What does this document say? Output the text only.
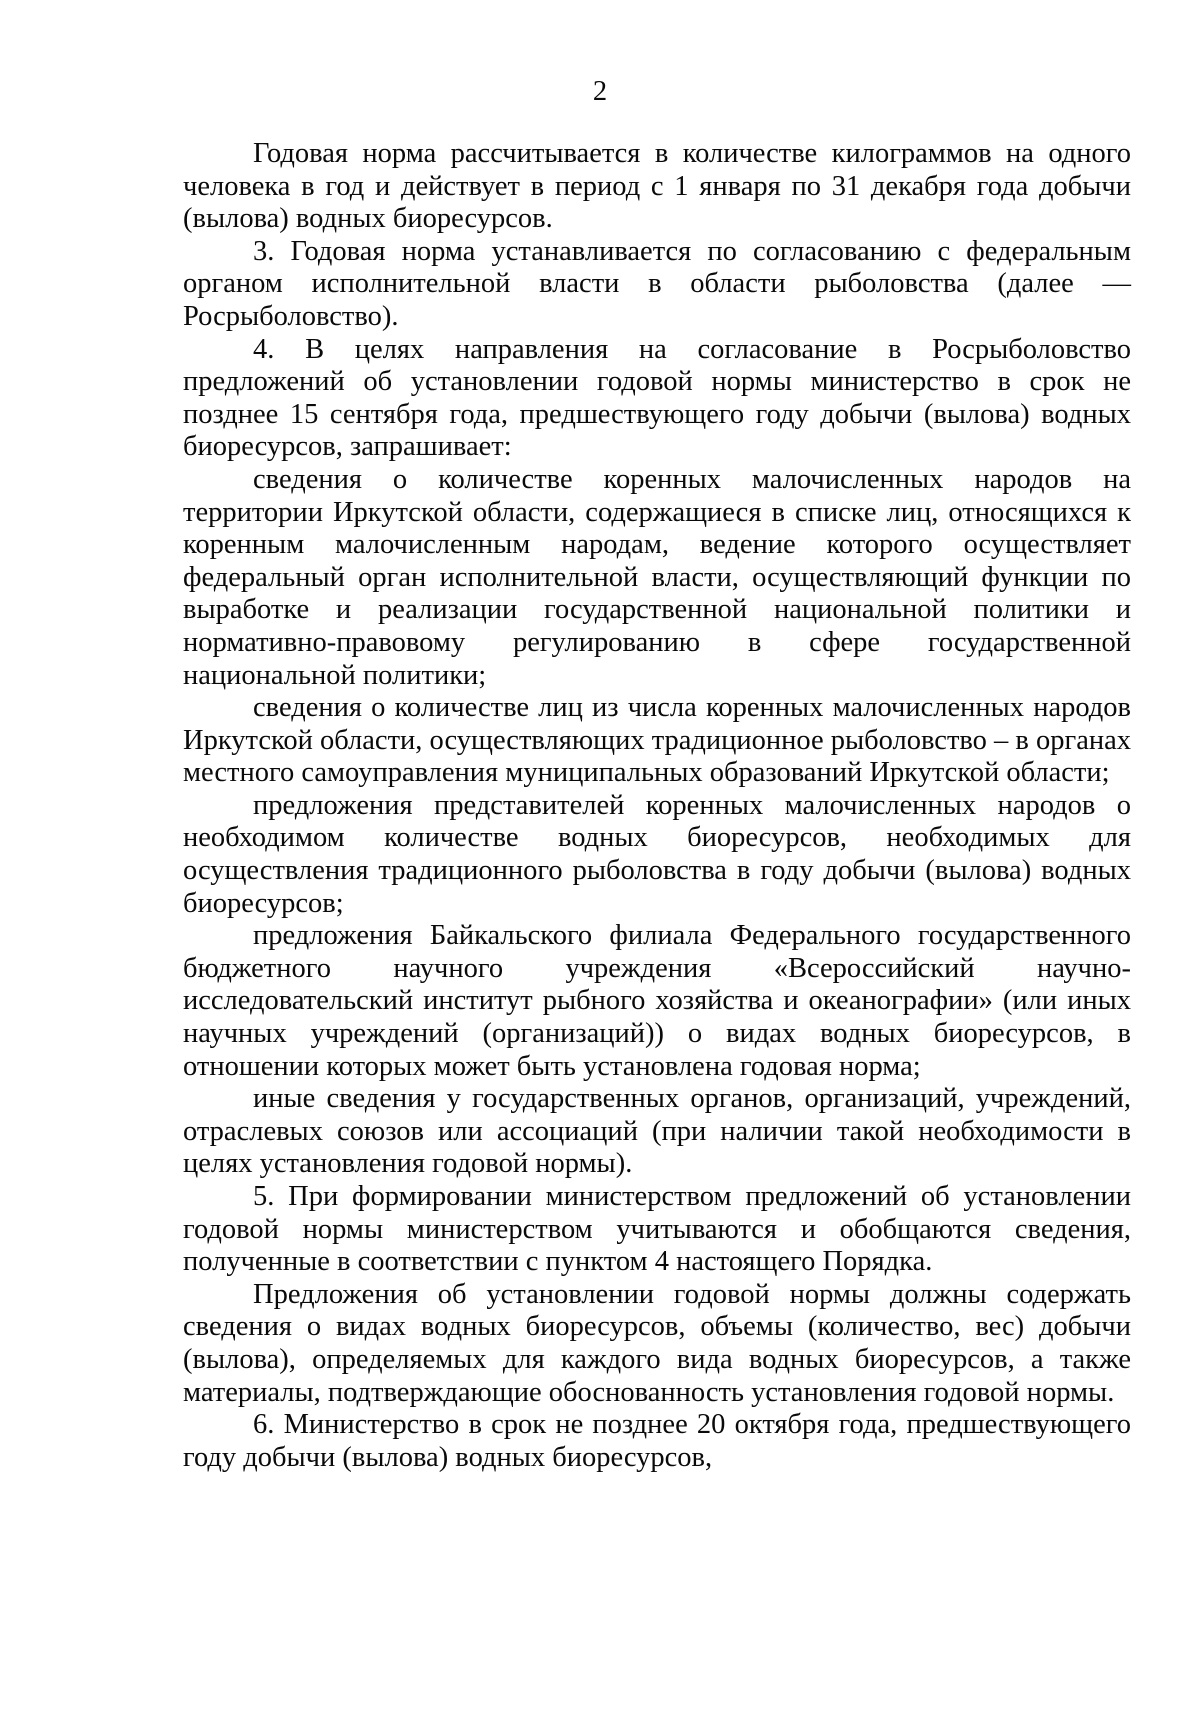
2

Годовая норма рассчитывается в количестве килограммов на одного человека в год и действует в период с 1 января по 31 декабря года добычи (вылова) водных биоресурсов.

3. Годовая норма устанавливается по согласованию с федеральным органом исполнительной власти в области рыболовства (далее — Росрыболовство).

4. В целях направления на согласование в Росрыболовство предложений об установлении годовой нормы министерство в срок не позднее 15 сентября года, предшествующего году добычи (вылова) водных биоресурсов, запрашивает:

сведения о количестве коренных малочисленных народов на территории Иркутской области, содержащиеся в списке лиц, относящихся к коренным малочисленным народам, ведение которого осуществляет федеральный орган исполнительной власти, осуществляющий функции по выработке и реализации государственной национальной политики и нормативно-правовому регулированию в сфере государственной национальной политики;

сведения о количестве лиц из числа коренных малочисленных народов Иркутской области, осуществляющих традиционное рыболовство – в органах местного самоуправления муниципальных образований Иркутской области;

предложения представителей коренных малочисленных народов о необходимом количестве водных биоресурсов, необходимых для осуществления традиционного рыболовства в году добычи (вылова) водных биоресурсов;

предложения Байкальского филиала Федерального государственного бюджетного научного учреждения «Всероссийский научно-исследовательский институт рыбного хозяйства и океанографии» (или иных научных учреждений (организаций)) о видах водных биоресурсов, в отношении которых может быть установлена годовая норма;

иные сведения у государственных органов, организаций, учреждений, отраслевых союзов или ассоциаций (при наличии такой необходимости в целях установления годовой нормы).

5. При формировании министерством предложений об установлении годовой нормы министерством учитываются и обобщаются сведения, полученные в соответствии с пунктом 4 настоящего Порядка.

Предложения об установлении годовой нормы должны содержать сведения о видах водных биоресурсов, объемы (количество, вес) добычи (вылова), определяемых для каждого вида водных биоресурсов, а также материалы, подтверждающие обоснованность установления годовой нормы.

6. Министерство в срок не позднее 20 октября года, предшествующего году добычи (вылова) водных биоресурсов,
